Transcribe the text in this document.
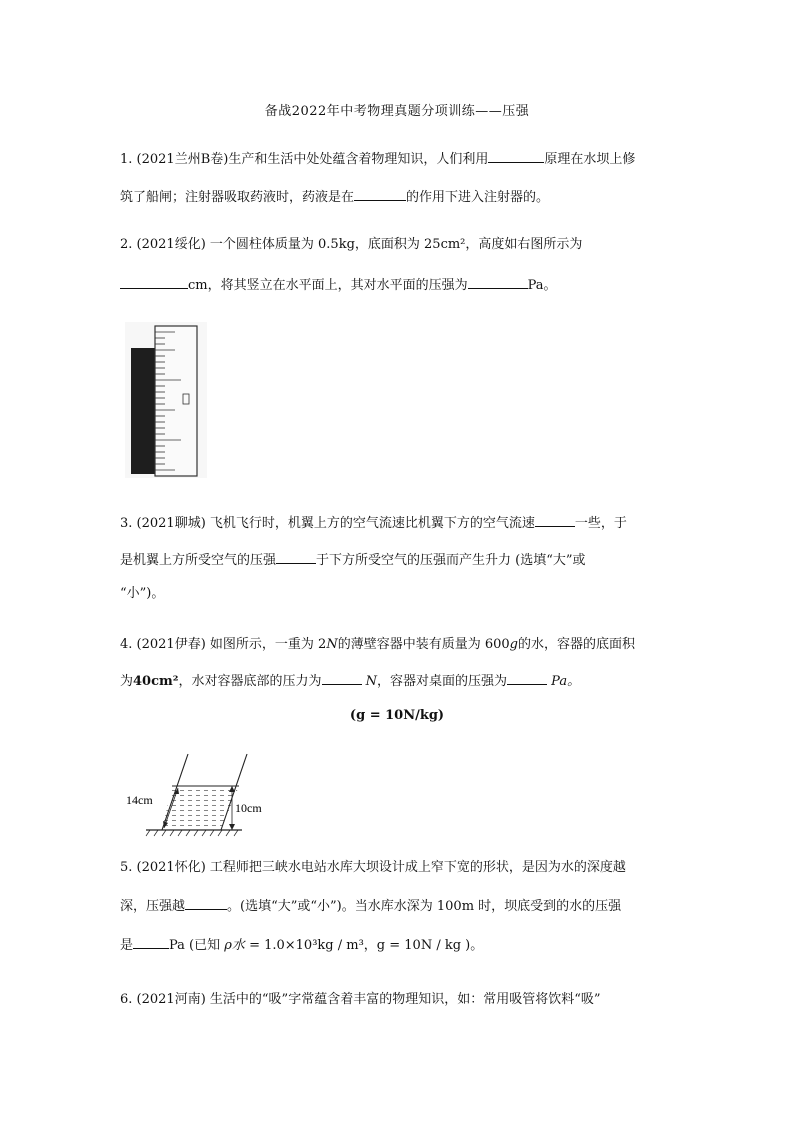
备战2022年中考物理真题分项训练——压强
1. (2021兰州B卷)生产和生活中处处蕴含着物理知识，人们利用	原理在水坝上修
筑了船闸；注射器吸取药液时，药液是在	的作用下进入注射器的。
2. (2021绥化) 一个圆柱体质量为 0.5kg，底面积为 25cm²，高度如右图所示为
cm，将其竖立在水平面上，其对水平面的压强为	Pa。
3. (2021聊城) 飞机飞行时，机翼上方的空气流速比机翼下方的空气流速	一些，于
是机翼上方所受空气的压强	于下方所受空气的压强而产生升力 (选填“大”或
“小”)。
4. (2021伊春) 如图所示，一重为 2N的薄壁容器中装有质量为 600g的水，容器的底面积
为40cm²，水对容器底部的压力为	N，容器对桌面的压强为	Pa。
(g = 10N/kg)
14cm
10cm
5. (2021怀化) 工程师把三峡水电站水库大坝设计成上窄下宽的形状，是因为水的深度越
深，压强越	。(选填“大”或“小”)。当水库水深为 100m 时，坝底受到的水的压强
是	Pa (已知 ρ水 = 1.0×10³kg / m³，g = 10N / kg )。
6. (2021河南) 生活中的“吸”字常蕴含着丰富的物理知识，如：常用吸管将饮料“吸”
